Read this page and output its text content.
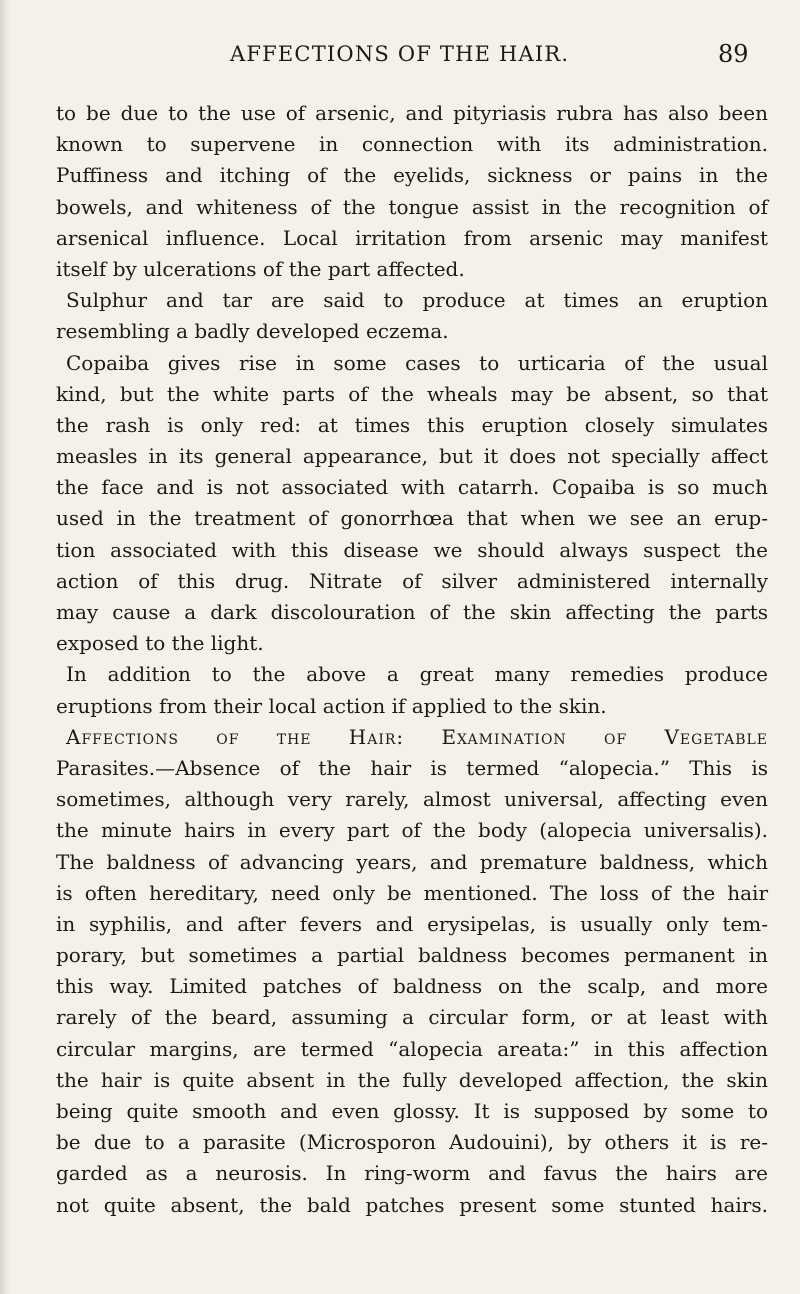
AFFECTIONS OF THE HAIR.	89
to be due to the use of arsenic, and pityriasis rubra has also been
known to supervene in connection with its administration.
Puffiness and itching of the eyelids, sickness or pains in the
bowels, and whiteness of the tongue assist in the recognition of
arsenical influence. Local irritation from arsenic may manifest
itself by ulcerations of the part affected.
Sulphur and tar are said to produce at times an eruption
resembling a badly developed eczema.
Copaiba gives rise in some cases to urticaria of the usual
kind, but the white parts of the wheals may be absent, so that
the rash is only red: at times this eruption closely simulates
measles in its general appearance, but it does not specially affect
the face and is not associated with catarrh. Copaiba is so much
used in the treatment of gonorrhœa that when we see an erup-
tion associated with this disease we should always suspect the
action of this drug. Nitrate of silver administered internally
may cause a dark discolouration of the skin affecting the parts
exposed to the light.
In addition to the above a great many remedies produce
eruptions from their local action if applied to the skin.
Affections of the Hair: Examination of Vegetable
Parasites.—Absence of the hair is termed “alopecia.” This is
sometimes, although very rarely, almost universal, affecting even
the minute hairs in every part of the body (alopecia universalis).
The baldness of advancing years, and premature baldness, which
is often hereditary, need only be mentioned. The loss of the hair
in syphilis, and after fevers and erysipelas, is usually only tem-
porary, but sometimes a partial baldness becomes permanent in
this way. Limited patches of baldness on the scalp, and more
rarely of the beard, assuming a circular form, or at least with
circular margins, are termed “alopecia areata:” in this affection
the hair is quite absent in the fully developed affection, the skin
being quite smooth and even glossy. It is supposed by some to
be due to a parasite (Microsporon Audouini), by others it is re-
garded as a neurosis. In ring-worm and favus the hairs are
not quite absent, the bald patches present some stunted hairs.
